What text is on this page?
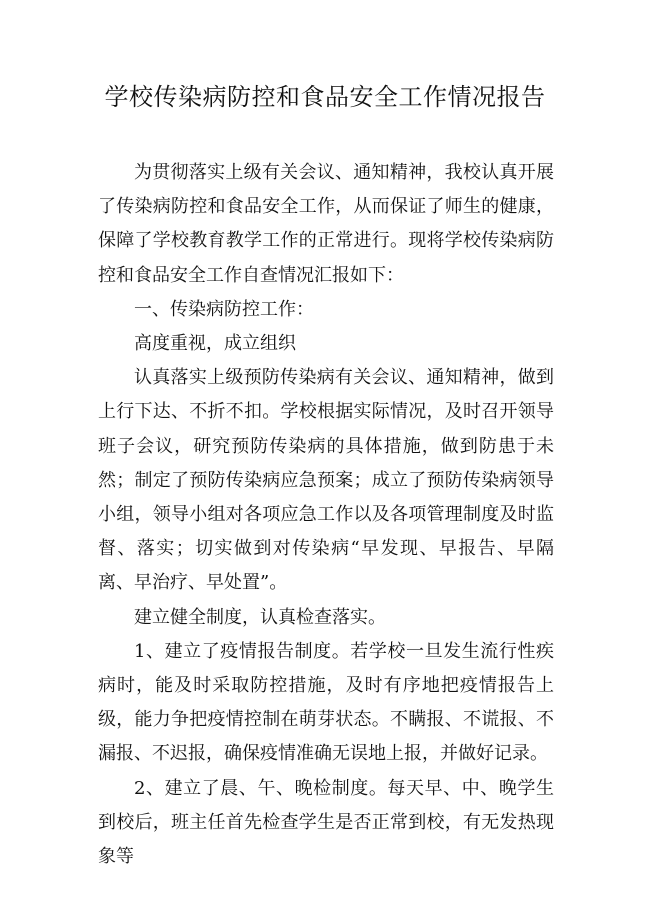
学校传染病防控和食品安全工作情况报告

为贯彻落实上级有关会议、通知精神，我校认真开展了传染病防控和食品安全工作，从而保证了师生的健康，保障了学校教育教学工作的正常进行。现将学校传染病防控和食品安全工作自查情况汇报如下：

一、传染病防控工作：

高度重视，成立组织

认真落实上级预防传染病有关会议、通知精神，做到上行下达、不折不扣。学校根据实际情况，及时召开领导班子会议，研究预防传染病的具体措施，做到防患于未然；制定了预防传染病应急预案；成立了预防传染病领导小组，领导小组对各项应急工作以及各项管理制度及时监督、落实；切实做到对传染病“早发现、早报告、早隔离、早治疗、早处置”。

建立健全制度，认真检查落实。

1、建立了疫情报告制度。若学校一旦发生流行性疾病时，能及时采取防控措施，及时有序地把疫情报告上级，能力争把疫情控制在萌芽状态。不瞒报、不谎报、不漏报、不迟报，确保疫情准确无误地上报，并做好记录。

2、建立了晨、午、晚检制度。每天早、中、晚学生到校后，班主任首先检查学生是否正常到校，有无发热现象等
